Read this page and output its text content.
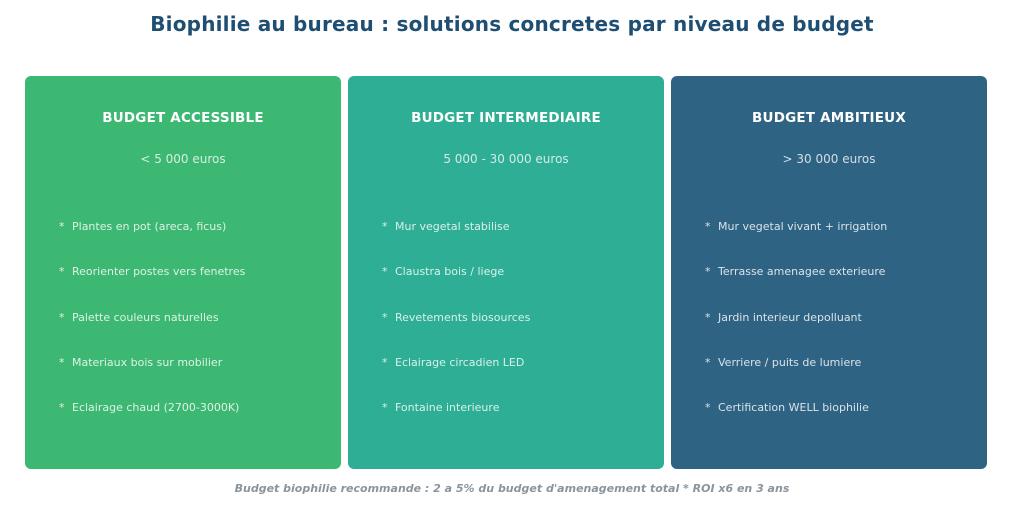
Biophilie au bureau : solutions concretes par niveau de budget
BUDGET ACCESSIBLE
< 5 000 euros
* Plantes en pot (areca, ficus)
* Reorienter postes vers fenetres
* Palette couleurs naturelles
* Materiaux bois sur mobilier
* Eclairage chaud (2700-3000K)
BUDGET INTERMEDIAIRE
5 000 - 30 000 euros
* Mur vegetal stabilise
* Claustra bois / liege
* Revetements biosources
* Eclairage circadien LED
* Fontaine interieure
BUDGET AMBITIEUX
> 30 000 euros
* Mur vegetal vivant + irrigation
* Terrasse amenagee exterieure
* Jardin interieur depolluant
* Verriere / puits de lumiere
* Certification WELL biophilie
Budget biophilie recommande : 2 a 5% du budget d'amenagement total * ROI x6 en 3 ans
